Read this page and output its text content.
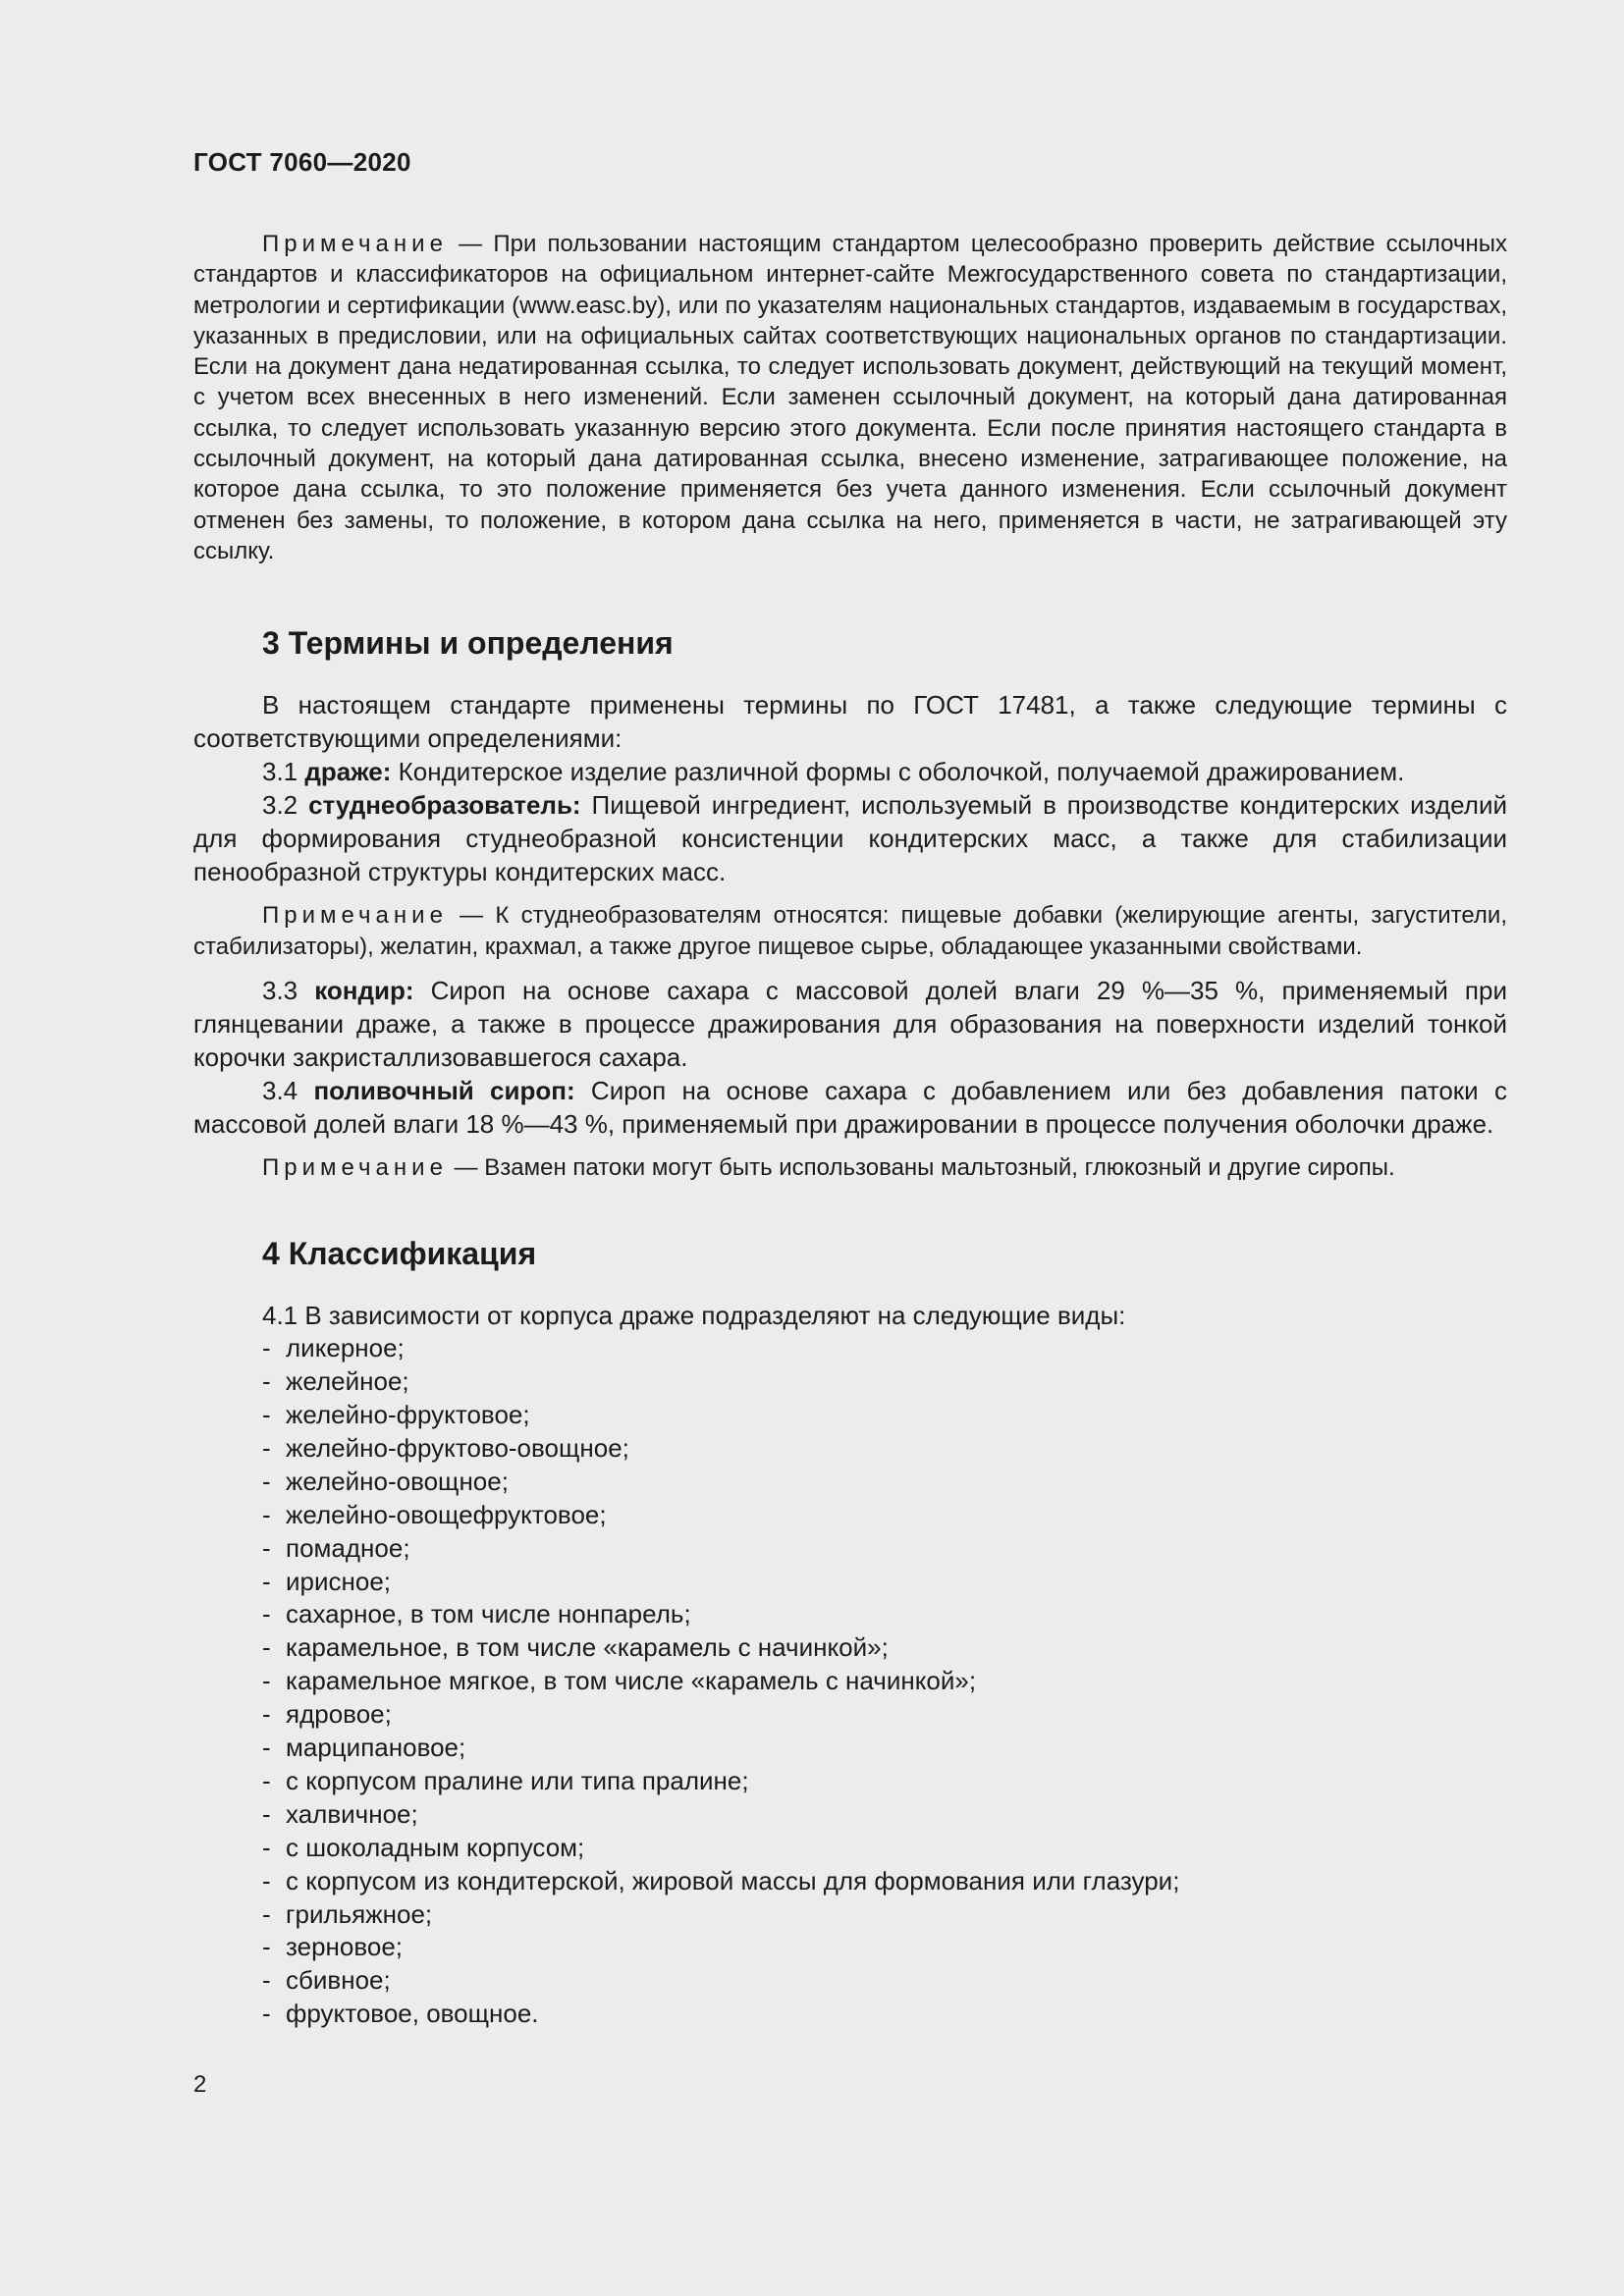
ГОСТ 7060—2020

Примечание — При пользовании настоящим стандартом целесообразно проверить действие ссылочных стандартов и классификаторов на официальном интернет-сайте Межгосударственного совета по стандартизации, метрологии и сертификации (www.easc.by), или по указателям национальных стандартов, издаваемым в государствах, указанных в предисловии, или на официальных сайтах соответствующих национальных органов по стандартизации. Если на документ дана недатированная ссылка, то следует использовать документ, действующий на текущий момент, с учетом всех внесенных в него изменений. Если заменен ссылочный документ, на который дана датированная ссылка, то следует использовать указанную версию этого документа. Если после принятия настоящего стандарта в ссылочный документ, на который дана датированная ссылка, внесено изменение, затрагивающее положение, на которое дана ссылка, то это положение применяется без учета данного изменения. Если ссылочный документ отменен без замены, то положение, в котором дана ссылка на него, применяется в части, не затрагивающей эту ссылку.

3 Термины и определения

В настоящем стандарте применены термины по ГОСТ 17481, а также следующие термины с соответствующими определениями:

3.1 драже: Кондитерское изделие различной формы с оболочкой, получаемой дражированием.

3.2 студнеобразователь: Пищевой ингредиент, используемый в производстве кондитерских изделий для формирования студнеобразной консистенции кондитерских масс, а также для стабилизации пенообразной структуры кондитерских масс.

Примечание — К студнеобразователям относятся: пищевые добавки (желирующие агенты, загустители, стабилизаторы), желатин, крахмал, а также другое пищевое сырье, обладающее указанными свойствами.

3.3 кондир: Сироп на основе сахара с массовой долей влаги 29 %—35 %, применяемый при глянцевании драже, а также в процессе дражирования для образования на поверхности изделий тонкой корочки закристаллизовавшегося сахара.

3.4 поливочный сироп: Сироп на основе сахара с добавлением или без добавления патоки с массовой долей влаги 18 %—43 %, применяемый при дражировании в процессе получения оболочки драже.

Примечание — Взамен патоки могут быть использованы мальтозный, глюкозный и другие сиропы.

4 Классификация

4.1 В зависимости от корпуса драже подразделяют на следующие виды:

- ликерное;
- желейное;
- желейно-фруктовое;
- желейно-фруктово-овощное;
- желейно-овощное;
- желейно-овощефруктовое;
- помадное;
- ирисное;
- сахарное, в том числе нонпарель;
- карамельное, в том числе «карамель с начинкой»;
- карамельное мягкое, в том числе «карамель с начинкой»;
- ядровое;
- марципановое;
- с корпусом пралине или типа пралине;
- халвичное;
- с шоколадным корпусом;
- с корпусом из кондитерской, жировой массы для формования или глазури;
- грильяжное;
- зерновое;
- сбивное;
- фруктовое, овощное.
2
